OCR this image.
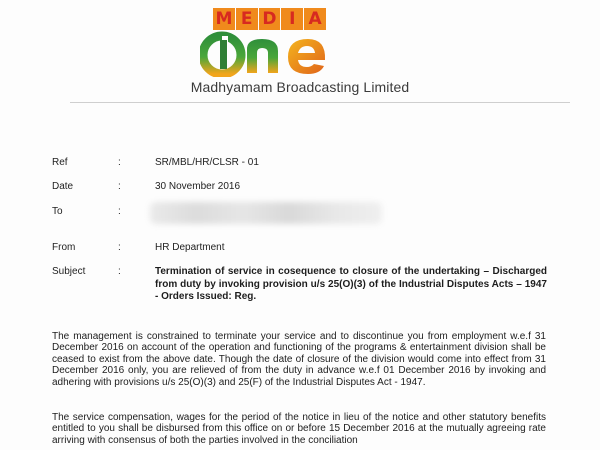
M E D I A
one
Madhyamam Broadcasting Limited
Ref	:	SR/MBL/HR/CLSR - 01
Date	:	30 November 2016
To	:
From	:	HR Department
Subject	:	Termination of service in cosequence to closure of the undertaking – Discharged from duty by invoking provision u/s 25(O)(3) of the Industrial Disputes Acts – 1947 - Orders Issued: Reg.
The management is constrained to terminate your service and to discontinue you from employment w.e.f 31 December 2016 on account of the operation and functioning of the programs & entertainment division shall be ceased to exist from the above date. Though the date of closure of the division would come into effect from 31 December 2016 only, you are relieved of from the duty in advance w.e.f 01 December 2016 by invoking and adhering with provisions u/s 25(O)(3) and 25(F) of the Industrial Disputes Act - 1947.
The service compensation, wages for the period of the notice in lieu of the notice and other statutory benefits entitled to you shall be disbursed from this office on or before 15 December 2016 at the mutually agreeing rate arriving with consensus of both the parties involved in the conciliation
